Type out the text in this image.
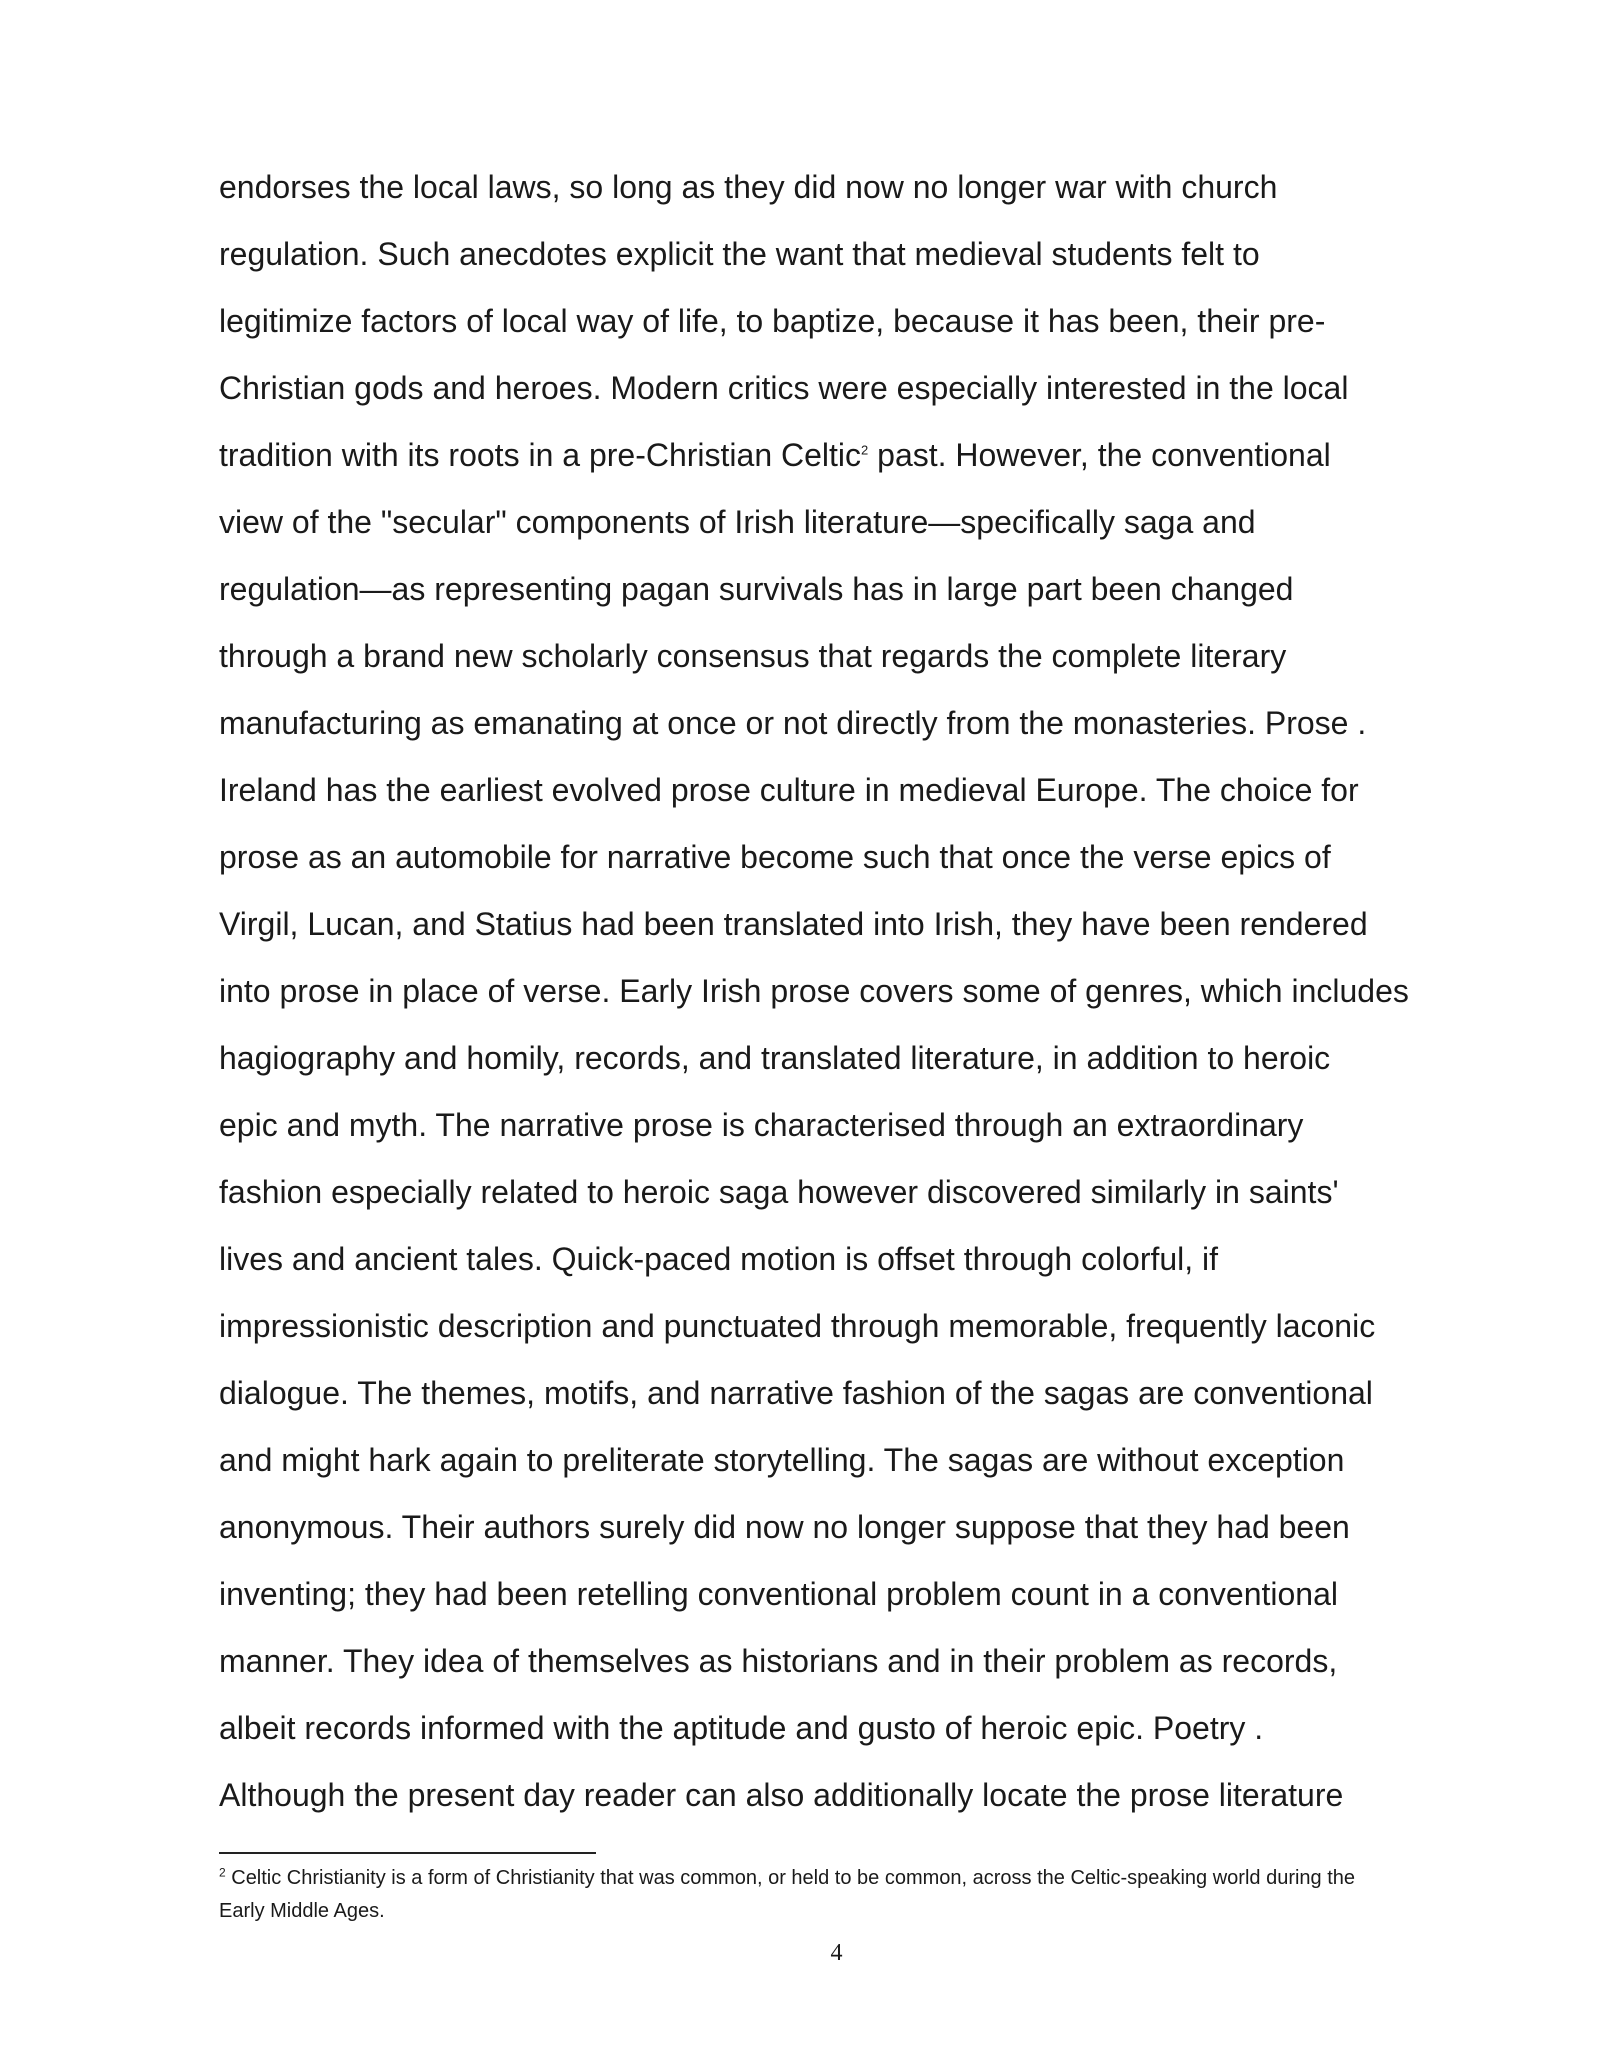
endorses the local laws, so long as they did now no longer war with church
regulation. Such anecdotes explicit the want that medieval students felt to
legitimize factors of local way of life, to baptize, because it has been, their pre-
Christian gods and heroes. Modern critics were especially interested in the local
tradition with its roots in a pre-Christian Celtic$^2$ past. However, the conventional
view of the "secular" components of Irish literature—specifically saga and
regulation—as representing pagan survivals has in large part been changed
through a brand new scholarly consensus that regards the complete literary
manufacturing as emanating at once or not directly from the monasteries. Prose .
Ireland has the earliest evolved prose culture in medieval Europe. The choice for
prose as an automobile for narrative become such that once the verse epics of
Virgil, Lucan, and Statius had been translated into Irish, they have been rendered
into prose in place of verse. Early Irish prose covers some of genres, which includes
hagiography and homily, records, and translated literature, in addition to heroic
epic and myth. The narrative prose is characterised through an extraordinary
fashion especially related to heroic saga however discovered similarly in saints'
lives and ancient tales. Quick-paced motion is offset through colorful, if
impressionistic description and punctuated through memorable, frequently laconic
dialogue. The themes, motifs, and narrative fashion of the sagas are conventional
and might hark again to preliterate storytelling. The sagas are without exception
anonymous. Their authors surely did now no longer suppose that they had been
inventing; they had been retelling conventional problem count in a conventional
manner. They idea of themselves as historians and in their problem as records,
albeit records informed with the aptitude and gusto of heroic epic. Poetry .
Although the present day reader can also additionally locate the prose literature
$^2$ Celtic Christianity is a form of Christianity that was common, or held to be common, across the Celtic-speaking world during the
Early Middle Ages.
4
